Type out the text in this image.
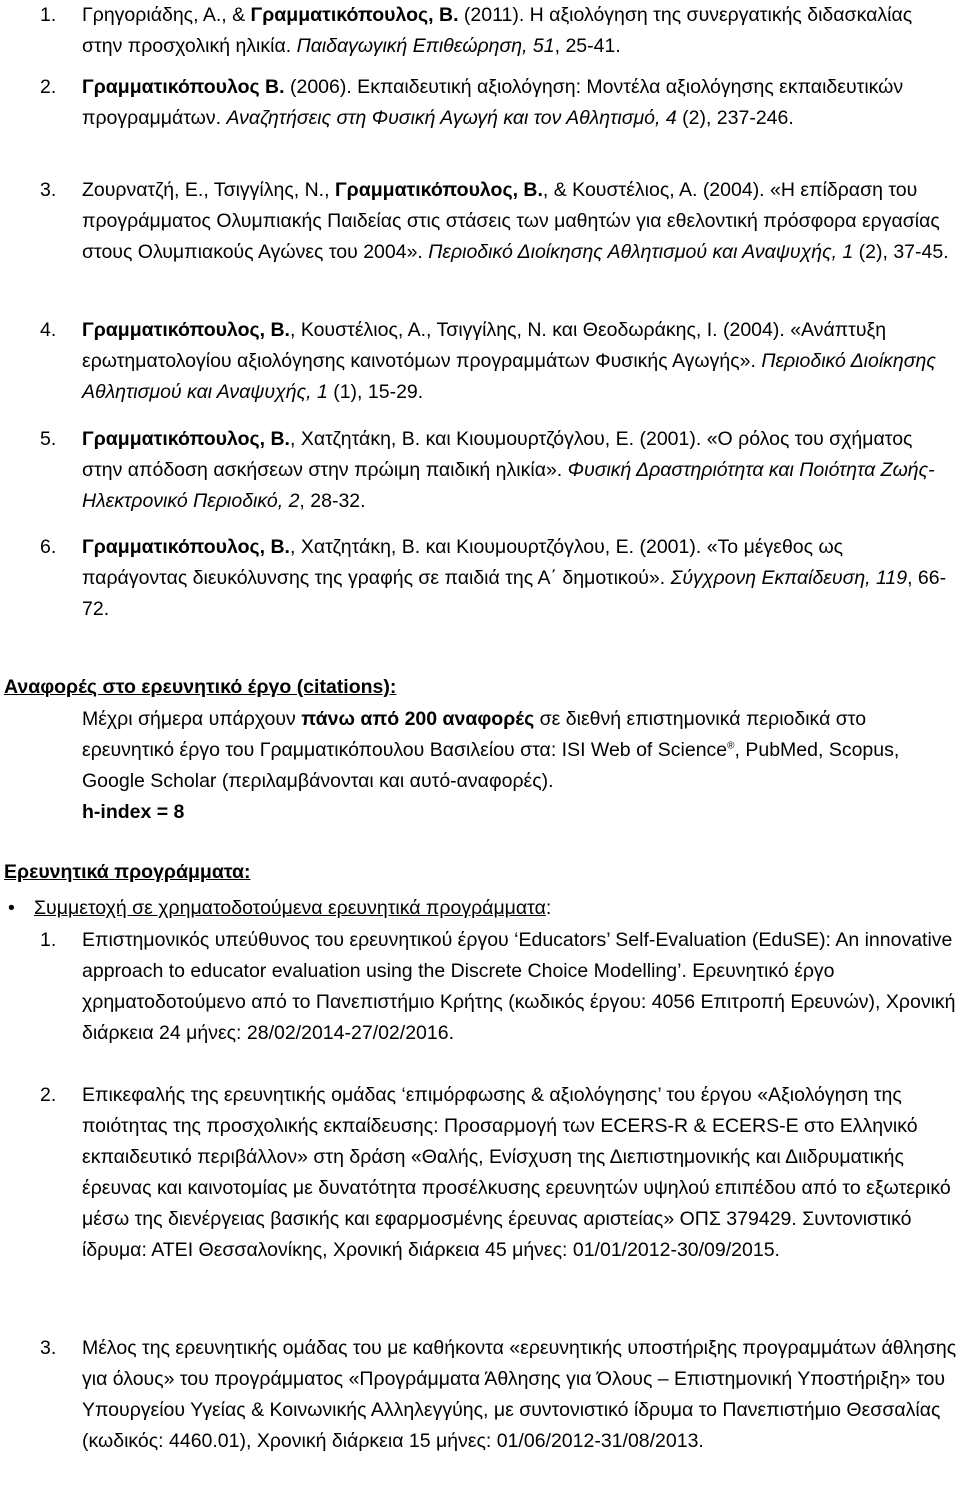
1. Γρηγοριάδης, Α., & Γραμματικόπουλος, Β. (2011). Η αξιολόγηση της συνεργατικής διδασκαλίας στην προσχολική ηλικία. Παιδαγωγική Επιθεώρηση, 51, 25-41.
2. Γραμματικόπουλος Β. (2006). Εκπαιδευτική αξιολόγηση: Μοντέλα αξιολόγησης εκπαιδευτικών προγραμμάτων. Αναζητήσεις στη Φυσική Αγωγή και τον Αθλητισμό, 4 (2), 237-246.
3. Ζουρνατζή, Ε., Τσιγγίλης, Ν., Γραμματικόπουλος, Β., & Κουστέλιος, Α. (2004). «Η επίδραση του προγράμματος Ολυμπιακής Παιδείας στις στάσεις των μαθητών για εθελοντική πρόσφορα εργασίας στους Ολυμπιακούς Αγώνες του 2004». Περιοδικό Διοίκησης Αθλητισμού και Αναψυχής, 1 (2), 37-45.
4. Γραμματικόπουλος, Β., Κουστέλιος, Α., Τσιγγίλης, Ν. και Θεοδωράκης, Ι. (2004). «Ανάπτυξη ερωτηματολογίου αξιολόγησης καινοτόμων προγραμμάτων Φυσικής Αγωγής». Περιοδικό Διοίκησης Αθλητισμού και Αναψυχής, 1 (1), 15-29.
5. Γραμματικόπουλος, Β., Χατζητάκη, Β. και Κιουμουρτζόγλου, Ε. (2001). «Ο ρόλος του σχήματος στην απόδοση ασκήσεων στην πρώιμη παιδική ηλικία». Φυσική Δραστηριότητα και Ποιότητα Ζωής-Ηλεκτρονικό Περιοδικό, 2, 28-32.
6. Γραμματικόπουλος, Β., Χατζητάκη, Β. και Κιουμουρτζόγλου, Ε. (2001). «Το μέγεθος ως παράγοντας διευκόλυνσης της γραφής σε παιδιά της Α΄ δημοτικού». Σύγχρονη Εκπαίδευση, 119, 66-72.
Αναφορές στο ερευνητικό έργο (citations):
Μέχρι σήμερα υπάρχουν πάνω από 200 αναφορές σε διεθνή επιστημονικά περιοδικά στο ερευνητικό έργο του Γραμματικόπουλου Βασιλείου στα: ISI Web of Science®, PubMed, Scopus, Google Scholar (περιλαμβάνονται και αυτό-αναφορές).
h-index = 8
Ερευνητικά προγράμματα:
• Συμμετοχή σε χρηματοδοτούμενα ερευνητικά προγράμματα:
1. Επιστημονικός υπεύθυνος του ερευνητικού έργου ‘Educators’ Self-Evaluation (EduSE): An innovative approach to educator evaluation using the Discrete Choice Modelling’. Ερευνητικό έργο χρηματοδοτούμενο από το Πανεπιστήμιο Κρήτης (κωδικός έργου: 4056 Επιτροπή Ερευνών), Χρονική διάρκεια 24 μήνες: 28/02/2014-27/02/2016.
2. Επικεφαλής της ερευνητικής ομάδας ‘επιμόρφωσης & αξιολόγησης’ του έργου «Αξιολόγηση της ποιότητας της προσχολικής εκπαίδευσης: Προσαρμογή των ECERS-R & ECERS-E στο Ελληνικό εκπαιδευτικό περιβάλλον» στη δράση «Θαλής, Ενίσχυση της Διεπιστημονικής και Διιδρυματικής έρευνας και καινοτομίας με δυνατότητα προσέλκυσης ερευνητών υψηλού επιπέδου από το εξωτερικό μέσω της διενέργειας βασικής και εφαρμοσμένης έρευνας αριστείας» ΟΠΣ 379429. Συντονιστικό ίδρυμα: ΑΤΕΙ Θεσσαλονίκης, Χρονική διάρκεια 45 μήνες: 01/01/2012-30/09/2015.
3. Μέλος της ερευνητικής ομάδας του με καθήκοντα «ερευνητικής υποστήριξης προγραμμάτων άθλησης για όλους» του προγράμματος «Προγράμματα Άθλησης για Όλους – Επιστημονική Υποστήριξη» του Υπουργείου Υγείας & Κοινωνικής Αλληλεγγύης, με συντονιστικό ίδρυμα το Πανεπιστήμιο Θεσσαλίας (κωδικός: 4460.01), Χρονική διάρκεια 15 μήνες: 01/06/2012-31/08/2013.
